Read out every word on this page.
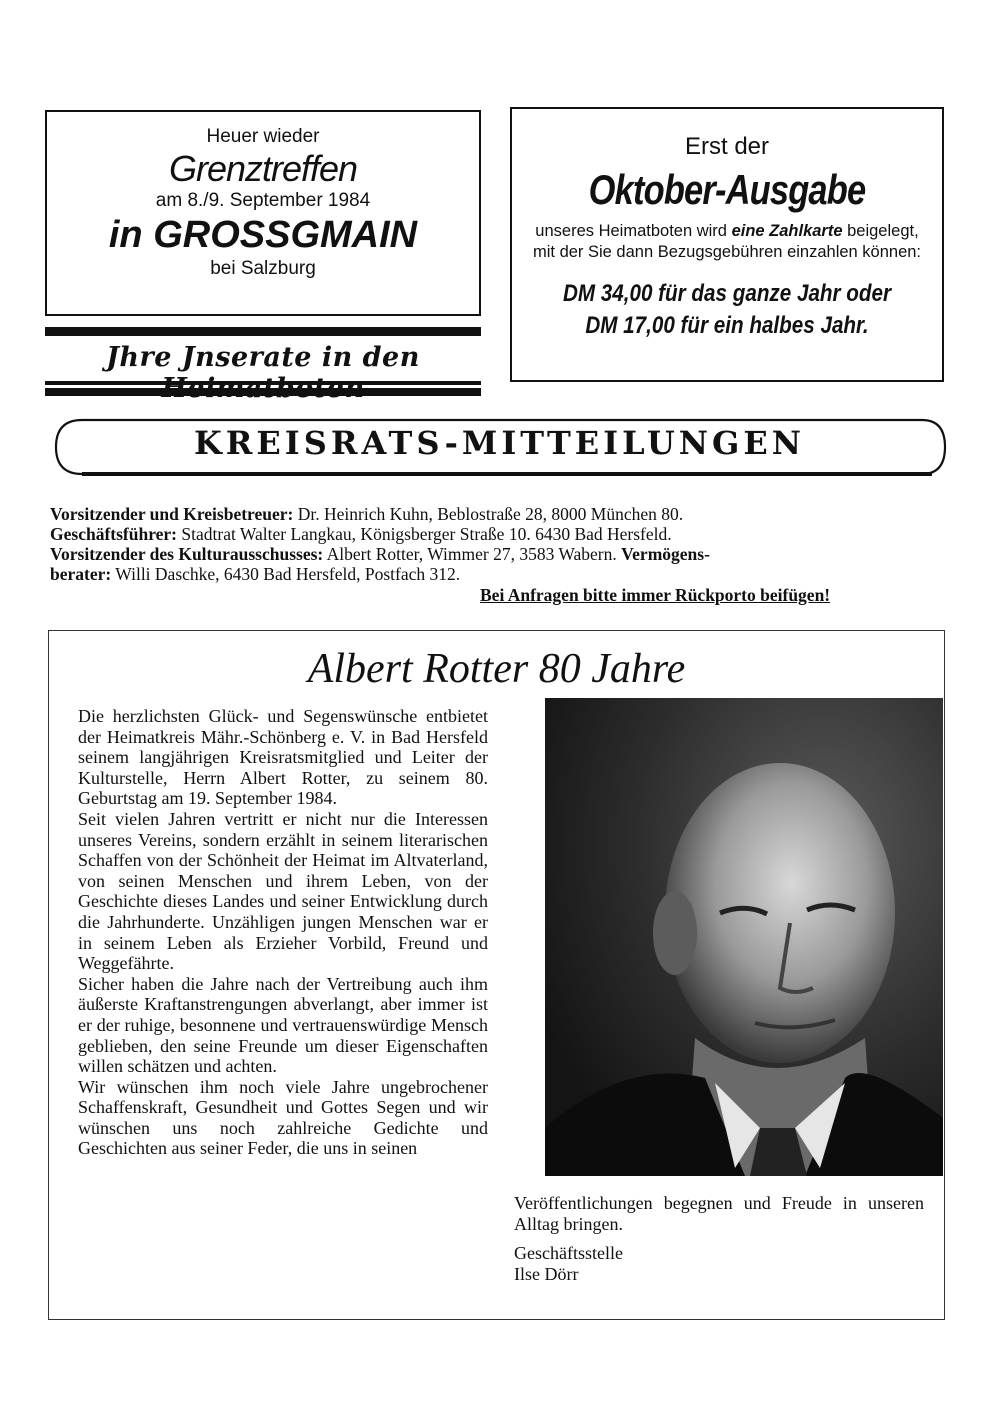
Heuer wieder
Grenztreffen
am 8./9. September 1984
in GROSSGMAIN
bei Salzburg
Jhre Jnserate in den
Erst der
Oktober-Ausgabe
unseres Heimatboten wird eine Zahlkarte beigelegt, mit der Sie dann Bezugsgebühren einzahlen können:
DM 34,00 für das ganze Jahr oder
DM 17,00 für ein halbes Jahr.
KREISRATS-MITTEILUNGEN
Vorsitzender und Kreisbetreuer: Dr. Heinrich Kuhn, Beblostraße 28, 8000 München 80.
Geschäftsführer: Stadtrat Walter Langkau, Königsberger Straße 10. 6430 Bad Hersfeld.
Vorsitzender des Kulturausschusses: Albert Rotter, Wimmer 27, 3583 Wabern. Vermögens-
berater: Willi Daschke, 6430 Bad Hersfeld, Postfach 312.
Bei Anfragen bitte immer Rückporto beifügen!
Albert Rotter 80 Jahre

Die herzlichsten Glück- und Segenswünsche entbietet der Heimatkreis Mähr.-Schönberg e. V. in Bad Hersfeld seinem langjährigen Kreisratsmitglied und Leiter der Kulturstelle, Herrn Albert Rotter, zu seinem 80. Geburtstag am 19. September 1984.

Seit vielen Jahren vertritt er nicht nur die Interessen unseres Vereins, sondern erzählt in seinem literarischen Schaffen von der Schönheit der Heimat im Altvaterland, von seinen Menschen und ihrem Leben, von der Geschichte dieses Landes und seiner Entwicklung durch die Jahrhunderte. Unzähligen jungen Menschen war er in seinem Leben als Erzieher Vorbild, Freund und Weggefährte.

Sicher haben die Jahre nach der Vertreibung auch ihm äußerste Kraftanstrengungen abverlangt, aber immer ist er der ruhige, besonnene und vertrauenswürdige Mensch geblieben, den seine Freunde um dieser Eigenschaften willen schätzen und achten.

Wir wünschen ihm noch viele Jahre ungebrochener Schaffenskraft, Gesundheit und Gottes Segen und wir wünschen uns noch zahlreiche Gedichte und Geschichten aus seiner Feder, die uns in seinen

Veröffentlichungen begegnen und Freude in unseren Alltag bringen.
Geschäftsstelle
Ilse Dörr
